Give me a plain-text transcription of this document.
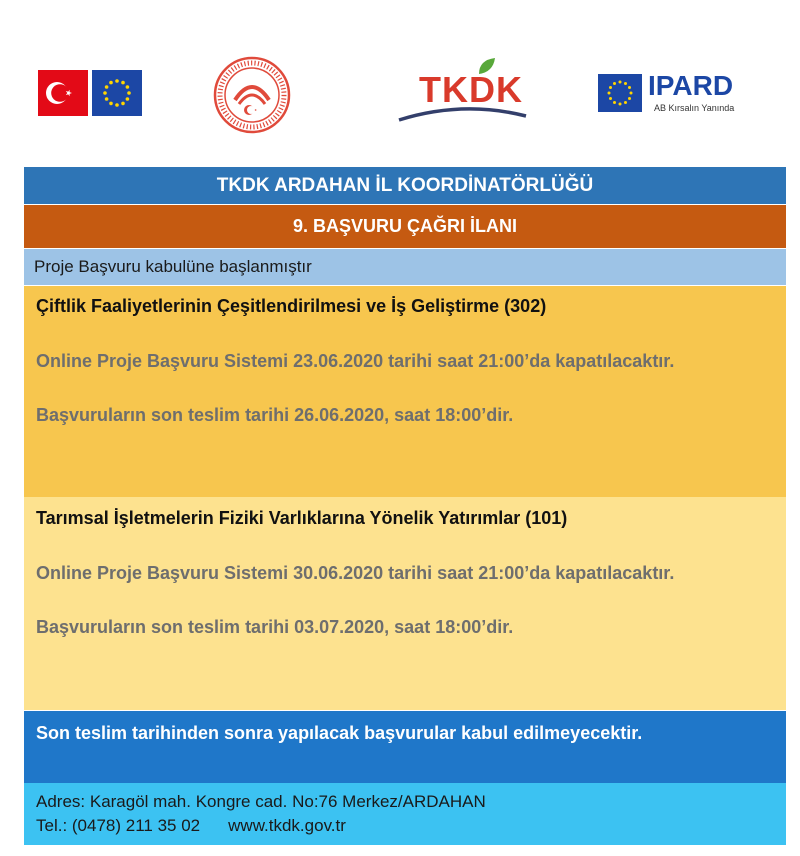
TKDK	IPARD
AB Kırsalın Yanında
TKDK ARDAHAN İL KOORDİNATÖRLÜĞÜ
9. BAŞVURU ÇAĞRI İLANI
Proje Başvuru kabulüne başlanmıştır

Çiftlik Faaliyetlerinin Çeşitlendirilmesi ve İş Geliştirme (302)

Online Proje Başvuru Sistemi 23.06.2020 tarihi saat 21:00’da kapatılacaktır.

Başvuruların son teslim tarihi 26.06.2020, saat 18:00’dir.

Tarımsal İşletmelerin Fiziki Varlıklarına Yönelik Yatırımlar (101)

Online Proje Başvuru Sistemi 30.06.2020 tarihi saat 21:00’da kapatılacaktır.

Başvuruların son teslim tarihi 03.07.2020, saat 18:00’dir.

Son teslim tarihinden sonra yapılacak başvurular kabul edilmeyecektir.
Adres: Karagöl mah. Kongre cad. No:76 Merkez/ARDAHAN
Tel.: (0478) 211 35 02 www.tkdk.gov.tr
